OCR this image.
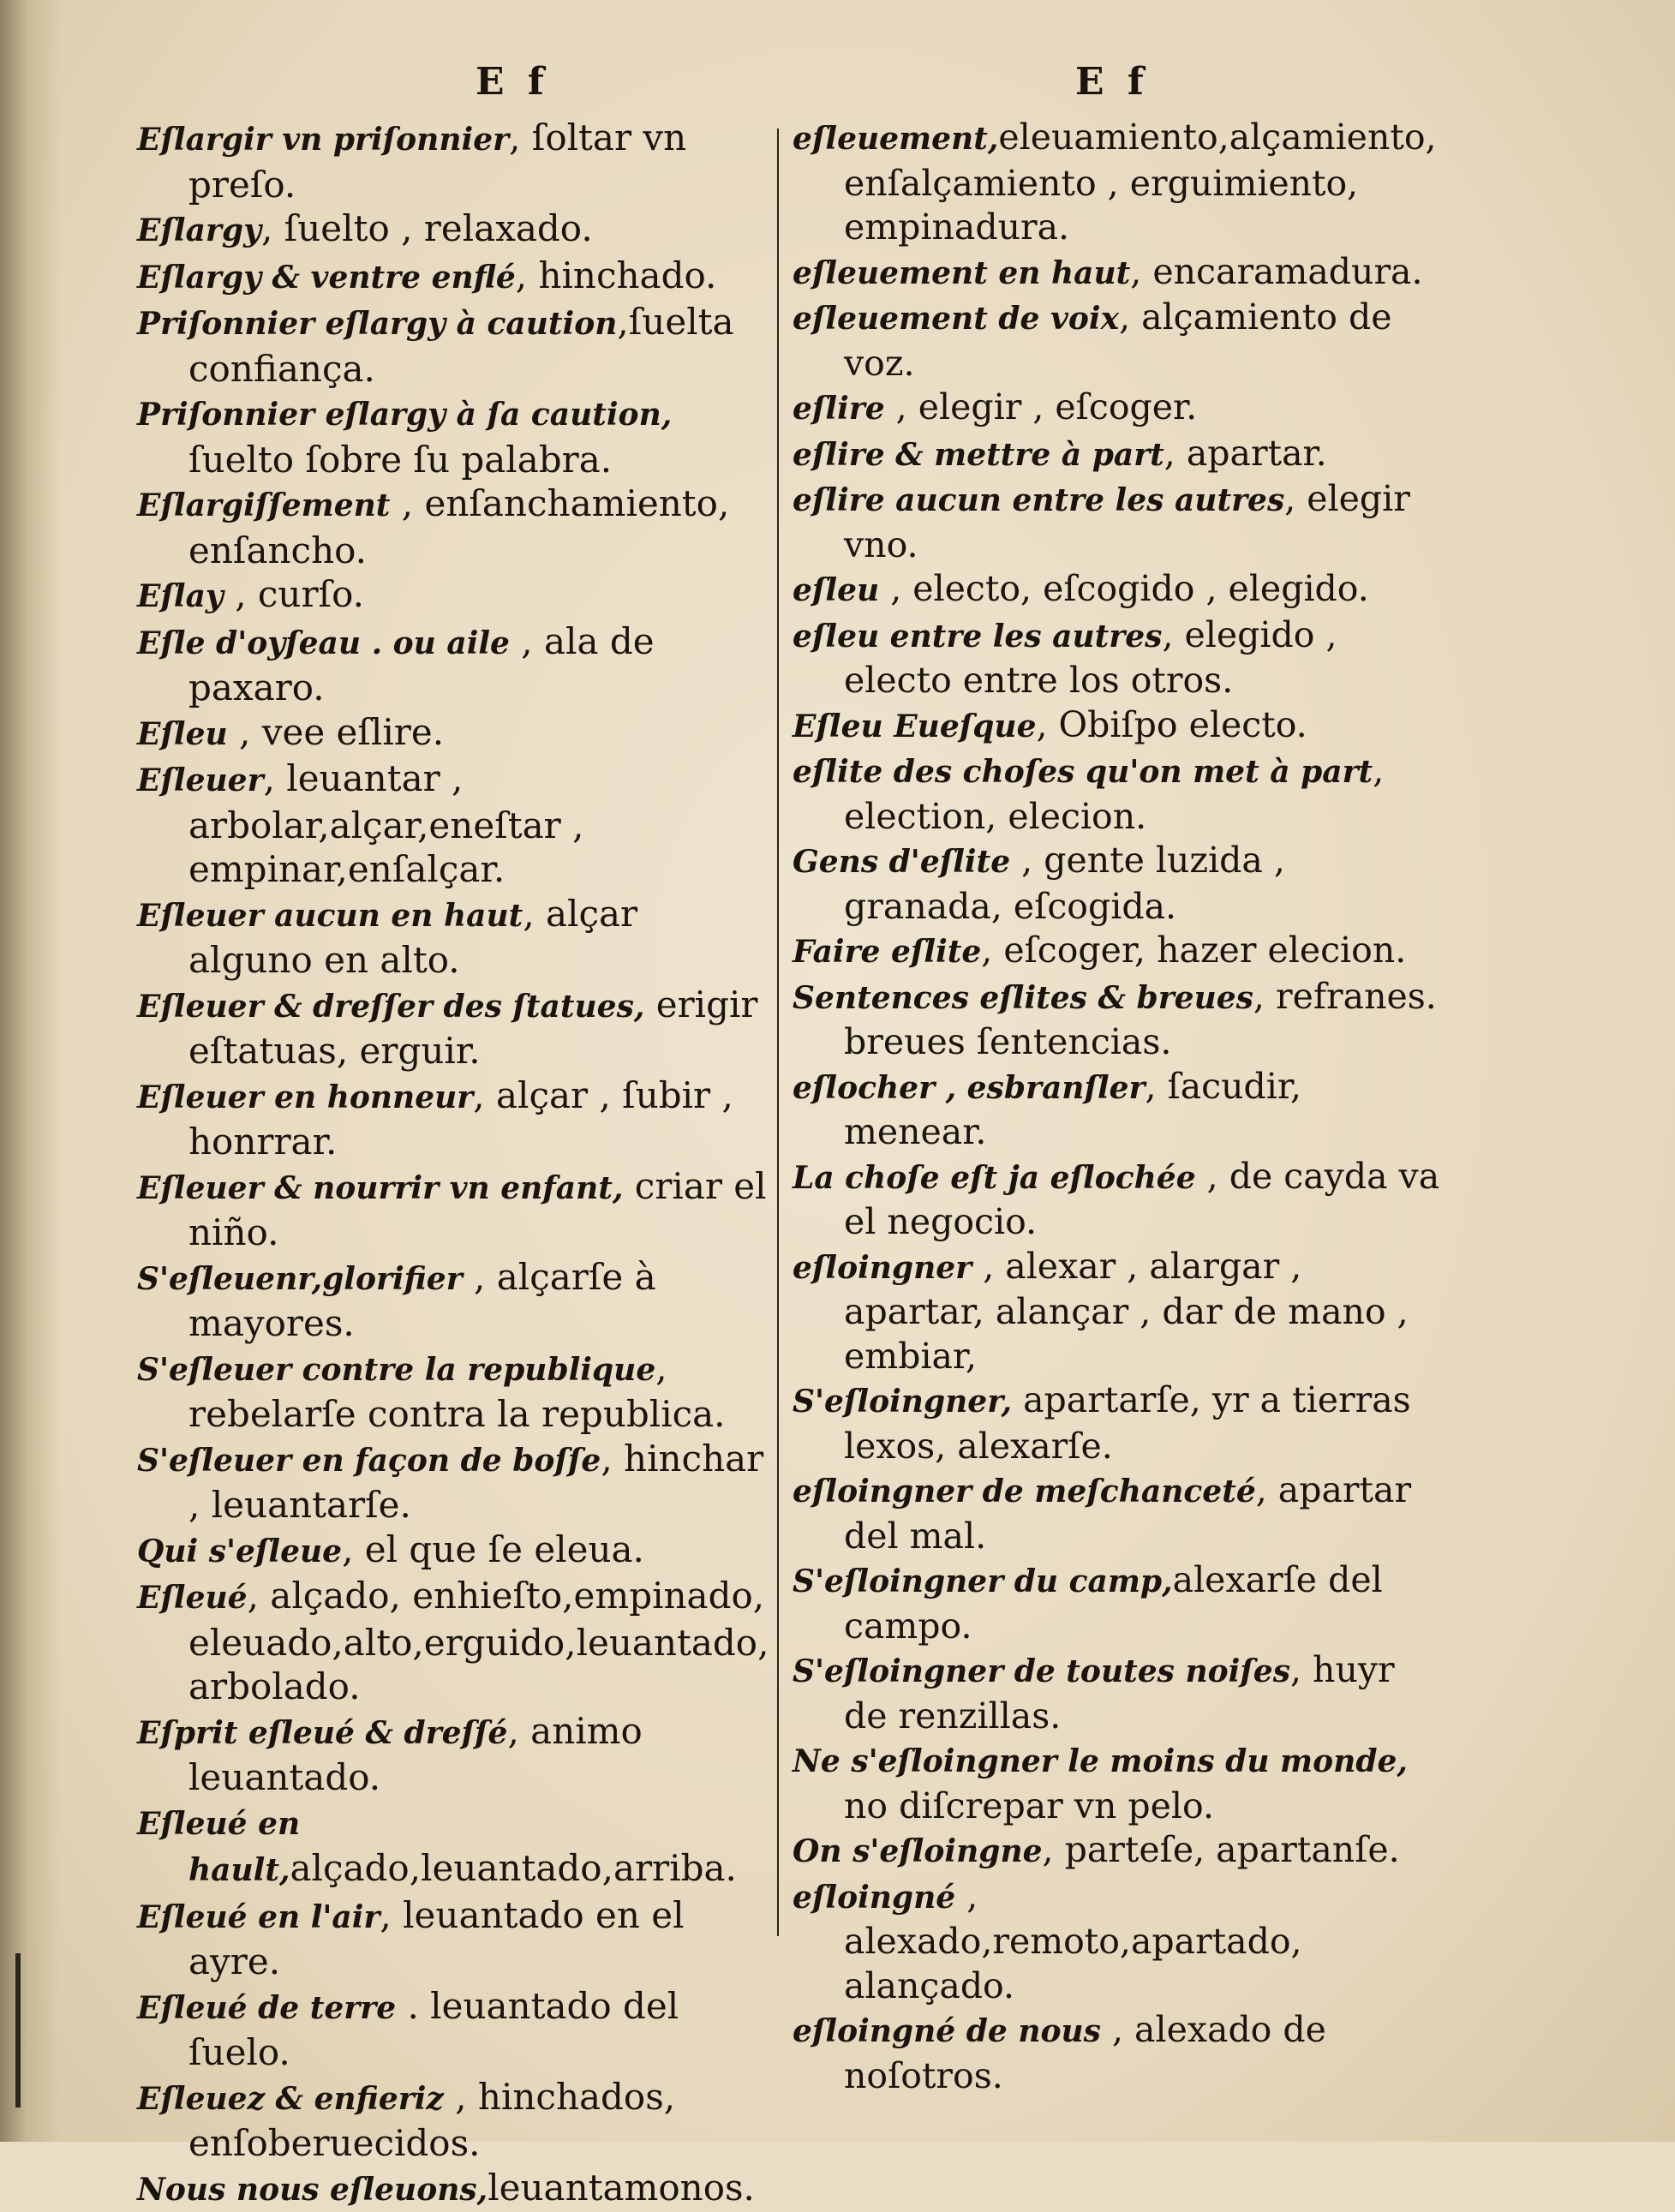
E f	E f

Eſlargir vn priſonnier, ſoltar vn preſo.

Eſlargy, ſuelto , relaxado.

Eſlargy & ventre enflé, hinchado.

Priſonnier eſlargy à caution,ſuelta confiança.

Priſonnier eſlargy à ſa caution, ſuelto ſobre ſu palabra.

Eſlargiſſement , enſanchamiento, enſancho.

Eſlay , curſo.

Eſle d'oyſeau . ou aile , ala de paxaro.

Eſleu , vee eſlire.

Eſleuer, leuantar , arbolar,alçar,eneſtar , empinar,enſalçar.

Eſleuer aucun en haut, alçar alguno en alto.

Eſleuer & dreſſer des ſtatues, erigir eſtatuas, erguir.

Eſleuer en honneur, alçar , ſubir , honrrar.

Eſleuer & nourrir vn enfant, criar el niño.

S'eſleuenr,glorifier , alçarſe à mayores.

S'eſleuer contre la republique, rebelarſe contra la republica.

S'eſleuer en façon de boſſe, hinchar , leuantarſe.

Qui s'eſleue, el que ſe eleua.

Eſleué, alçado, enhieſto,empinado, eleuado,alto,erguido,leuantado, arbolado.

Eſprit eſleué & dreſſé, animo leuantado.

Eſleué en hault,alçado,leuantado,arriba.

Eſleué en l'air, leuantado en el ayre.

Eſleué de terre . leuantado del ſuelo.

Eſleuez & enfieriz , hinchados, enſoberuecidos.

Nous nous eſleuons,leuantamonos.

eſleuement,eleuamiento,alçamiento, enſalçamiento , erguimiento, empinadura.

eſleuement en haut, encaramadura.

eſleuement de voix, alçamiento de voz.

eſlire , elegir , eſcoger.

eſlire & mettre à part, apartar.

eſlire aucun entre les autres, elegir vno.

eſleu , electo, eſcogido , elegido.

eſleu entre les autres, elegido , electo entre los otros.

Eſleu Eueſque, Obiſpo electo.

eſlite des choſes qu'on met à part, election, elecion.

Gens d'eſlite , gente luzida , granada, eſcogida.

Faire eſlite, eſcoger, hazer elecion.

Sentences eſlites & breues, refranes. breues ſentencias.

eſlocher , esbranſler, ſacudir, menear.

La choſe eſt ja eſlochée , de cayda va el negocio.

eſloingner , alexar , alargar , apartar, alançar , dar de mano , embiar,

S'eſloingner, apartarſe, yr a tierras lexos, alexarſe.

eſloingner de meſchanceté, apartar del mal.

S'eſloingner du camp,alexarſe del campo.

S'eſloingner de toutes noiſes, huyr de renzillas.

Ne s'eſloingner le moins du monde, no diſcrepar vn pelo.

On s'eſloingne, parteſe, apartanſe.

eſloingné , alexado,remoto,apartado, alançado.

eſloingné de nous , alexado de noſotros.
